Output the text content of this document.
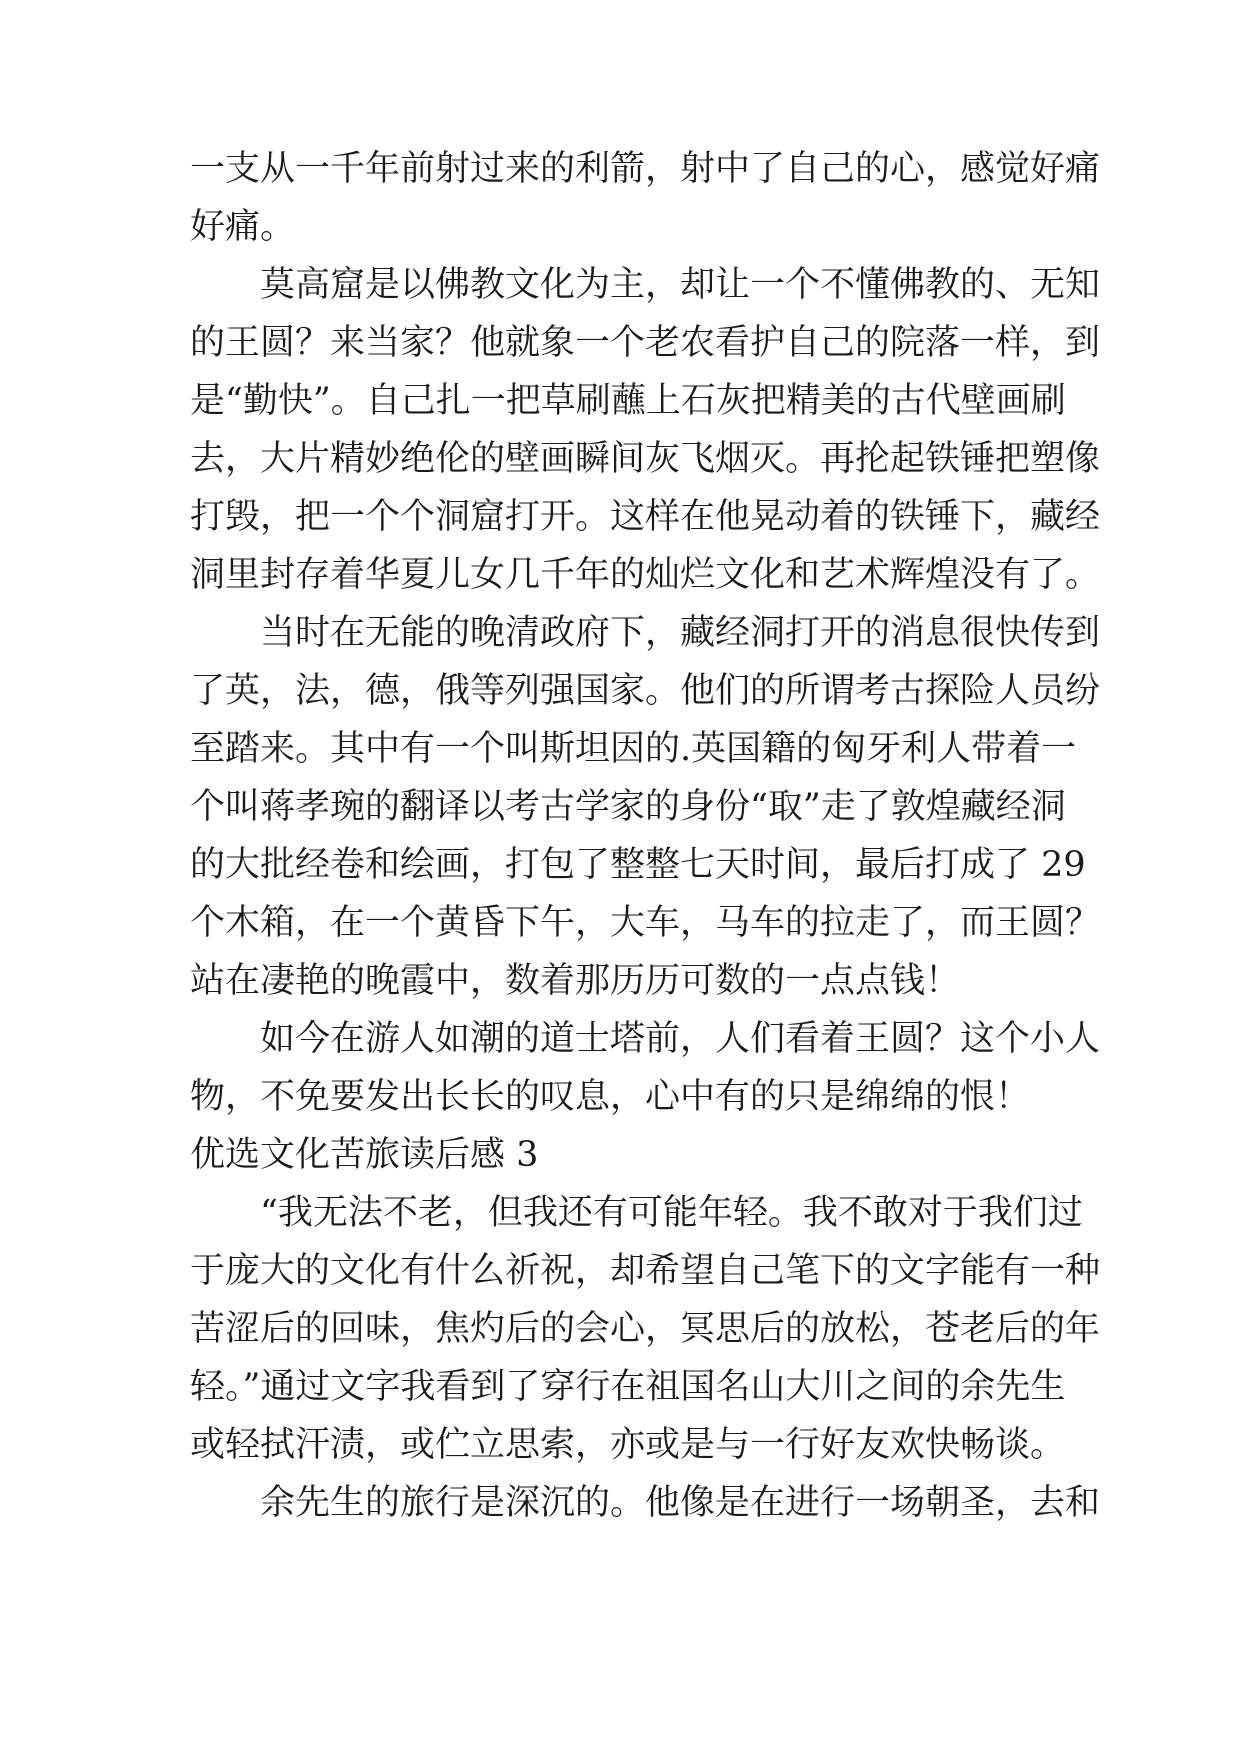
一支从一千年前射过来的利箭，射中了自己的心，感觉好痛
好痛。
　　莫高窟是以佛教文化为主，却让一个不懂佛教的、无知
的王圆？来当家？他就象一个老农看护自己的院落一样，到
是“勤快”。自己扎一把草刷蘸上石灰把精美的古代壁画刷
去，大片精妙绝伦的壁画瞬间灰飞烟灭。再抡起铁锤把塑像
打毁，把一个个洞窟打开。这样在他晃动着的铁锤下，藏经
洞里封存着华夏儿女几千年的灿烂文化和艺术辉煌没有了。
　　当时在无能的晚清政府下，藏经洞打开的消息很快传到
了英，法，德，俄等列强国家。他们的所谓考古探险人员纷
至踏来。其中有一个叫斯坦因的.英国籍的匈牙利人带着一
个叫蒋孝琬的翻译以考古学家的身份“取”走了敦煌藏经洞
的大批经卷和绘画，打包了整整七天时间，最后打成了 29
个木箱，在一个黄昏下午，大车，马车的拉走了，而王圆？
站在凄艳的晚霞中，数着那历历可数的一点点钱！
　　如今在游人如潮的道士塔前，人们看着王圆？这个小人
物，不免要发出长长的叹息，心中有的只是绵绵的恨！
优选文化苦旅读后感 3
　　“我无法不老，但我还有可能年轻。我不敢对于我们过
于庞大的文化有什么祈祝，却希望自己笔下的文字能有一种
苦涩后的回味，焦灼后的会心，冥思后的放松，苍老后的年
轻。”通过文字我看到了穿行在祖国名山大川之间的余先生
或轻拭汗渍，或伫立思索，亦或是与一行好友欢快畅谈。
　　余先生的旅行是深沉的。他像是在进行一场朝圣，去和
